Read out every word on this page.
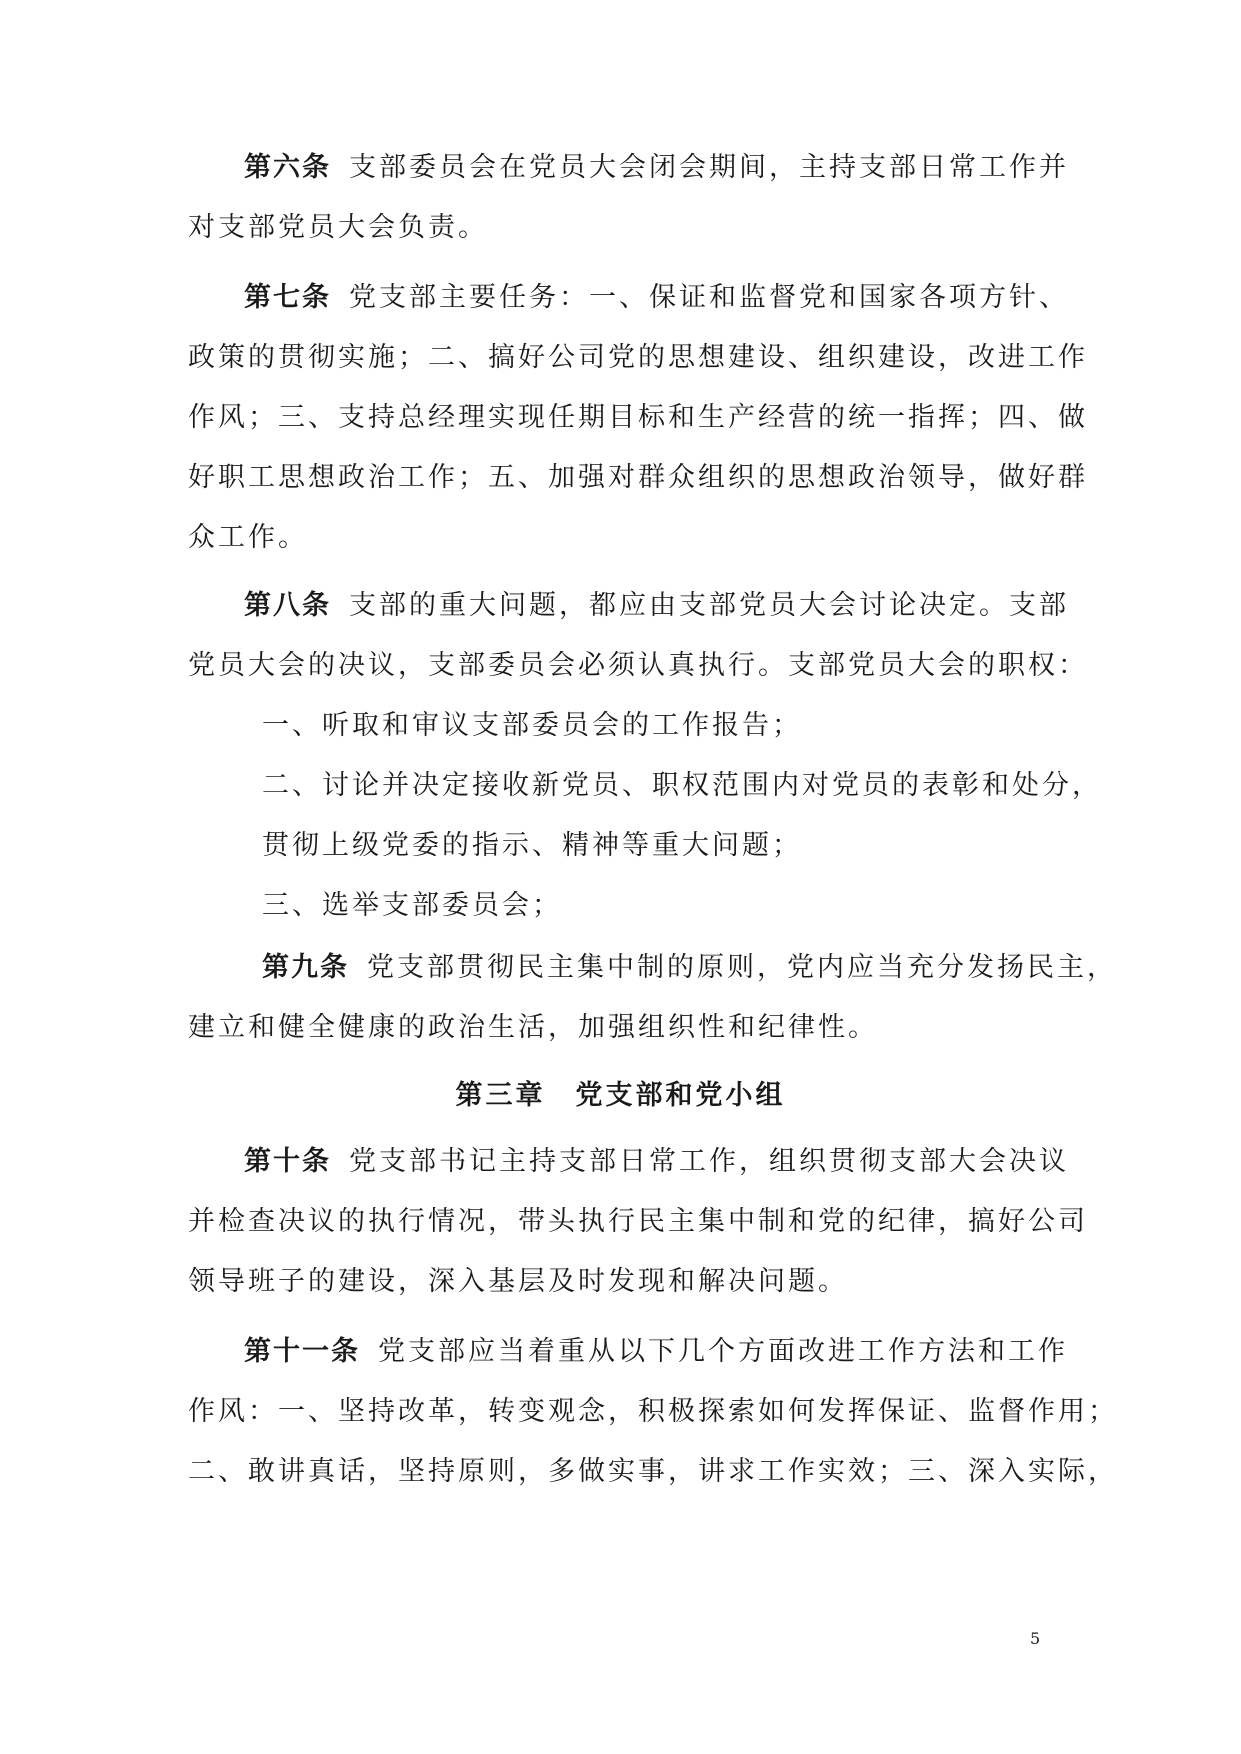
第六条 支部委员会在党员大会闭会期间，主持支部日常工作并
对支部党员大会负责。
第七条 党支部主要任务：一、保证和监督党和国家各项方针、
政策的贯彻实施；二、搞好公司党的思想建设、组织建设，改进工作
作风；三、支持总经理实现任期目标和生产经营的统一指挥；四、做
好职工思想政治工作；五、加强对群众组织的思想政治领导，做好群
众工作。
第八条 支部的重大问题，都应由支部党员大会讨论决定。支部
党员大会的决议，支部委员会必须认真执行。支部党员大会的职权：
一、听取和审议支部委员会的工作报告；
二、讨论并决定接收新党员、职权范围内对党员的表彰和处分，
贯彻上级党委的指示、精神等重大问题；
三、选举支部委员会；
第九条 党支部贯彻民主集中制的原则，党内应当充分发扬民主，
建立和健全健康的政治生活，加强组织性和纪律性。
第三章　党支部和党小组
第十条 党支部书记主持支部日常工作，组织贯彻支部大会决议
并检查决议的执行情况，带头执行民主集中制和党的纪律，搞好公司
领导班子的建设，深入基层及时发现和解决问题。
第十一条 党支部应当着重从以下几个方面改进工作方法和工作
作风：一、坚持改革，转变观念，积极探索如何发挥保证、监督作用；
二、敢讲真话，坚持原则，多做实事，讲求工作实效；三、深入实际，
5
